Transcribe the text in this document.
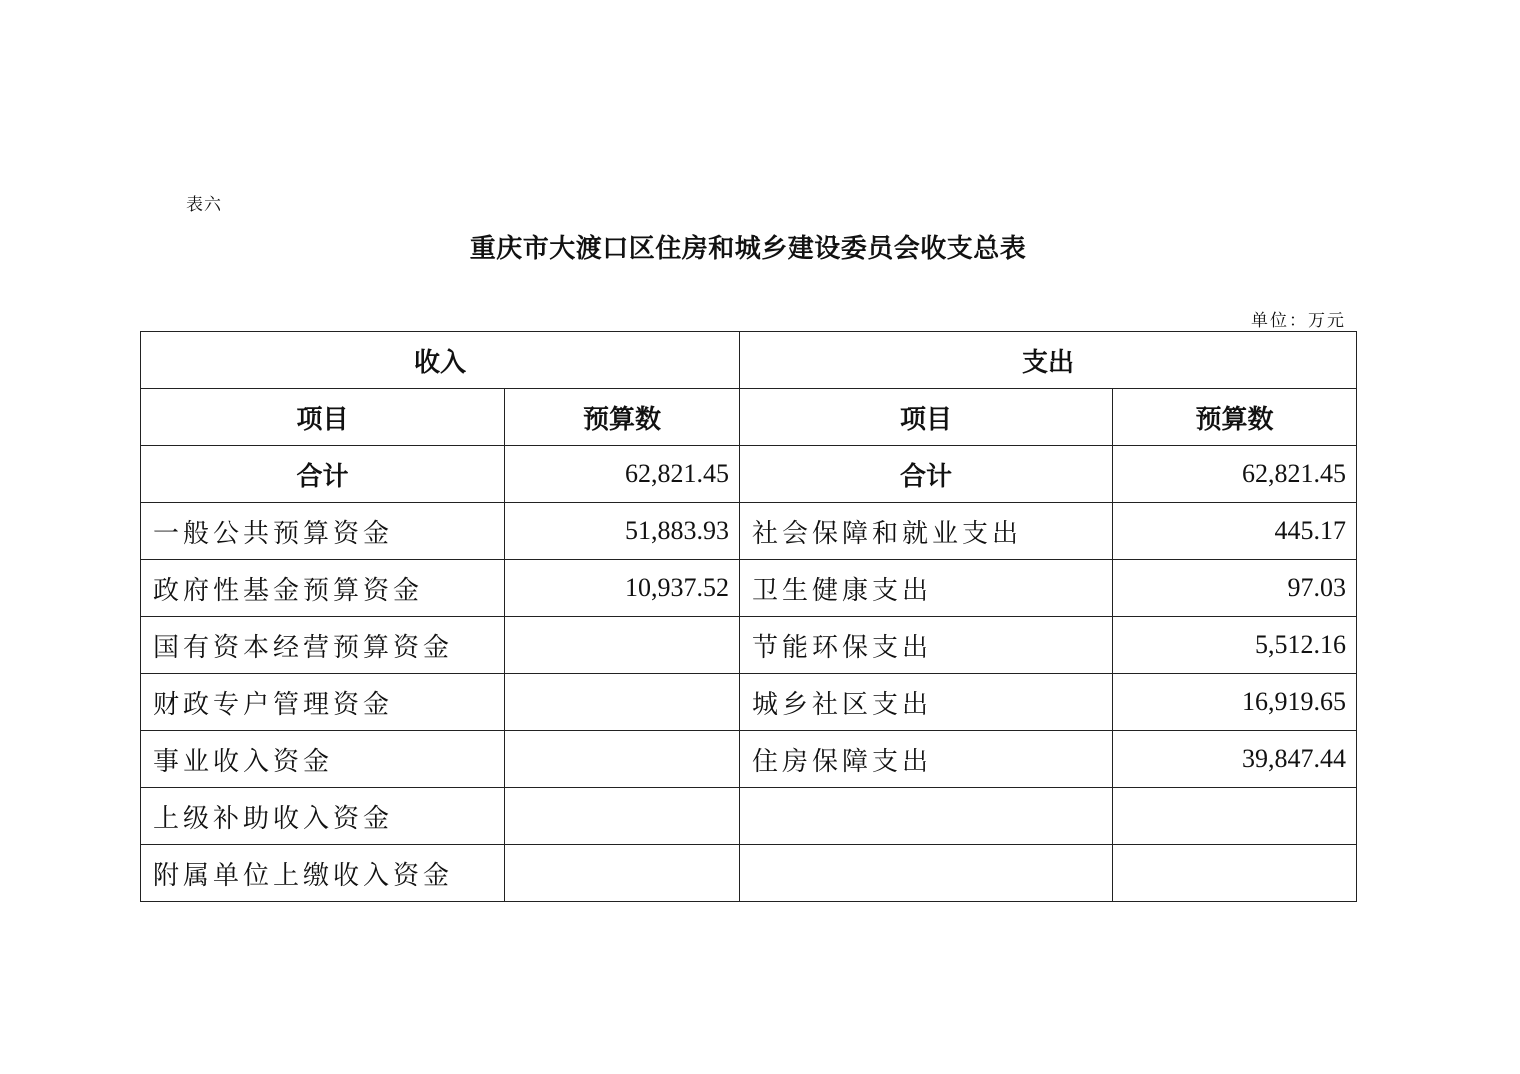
表六
重庆市大渡口区住房和城乡建设委员会收支总表
单位：万元
收入		支出	
项目	预算数	项目	预算数
合计	62,821.45	合计	62,821.45
一般公共预算资金	51,883.93	社会保障和就业支出	445.17
政府性基金预算资金	10,937.52	卫生健康支出	97.03
国有资本经营预算资金		节能环保支出	5,512.16
财政专户管理资金		城乡社区支出	16,919.65
事业收入资金		住房保障支出	39,847.44
上级补助收入资金			
附属单位上缴收入资金			
